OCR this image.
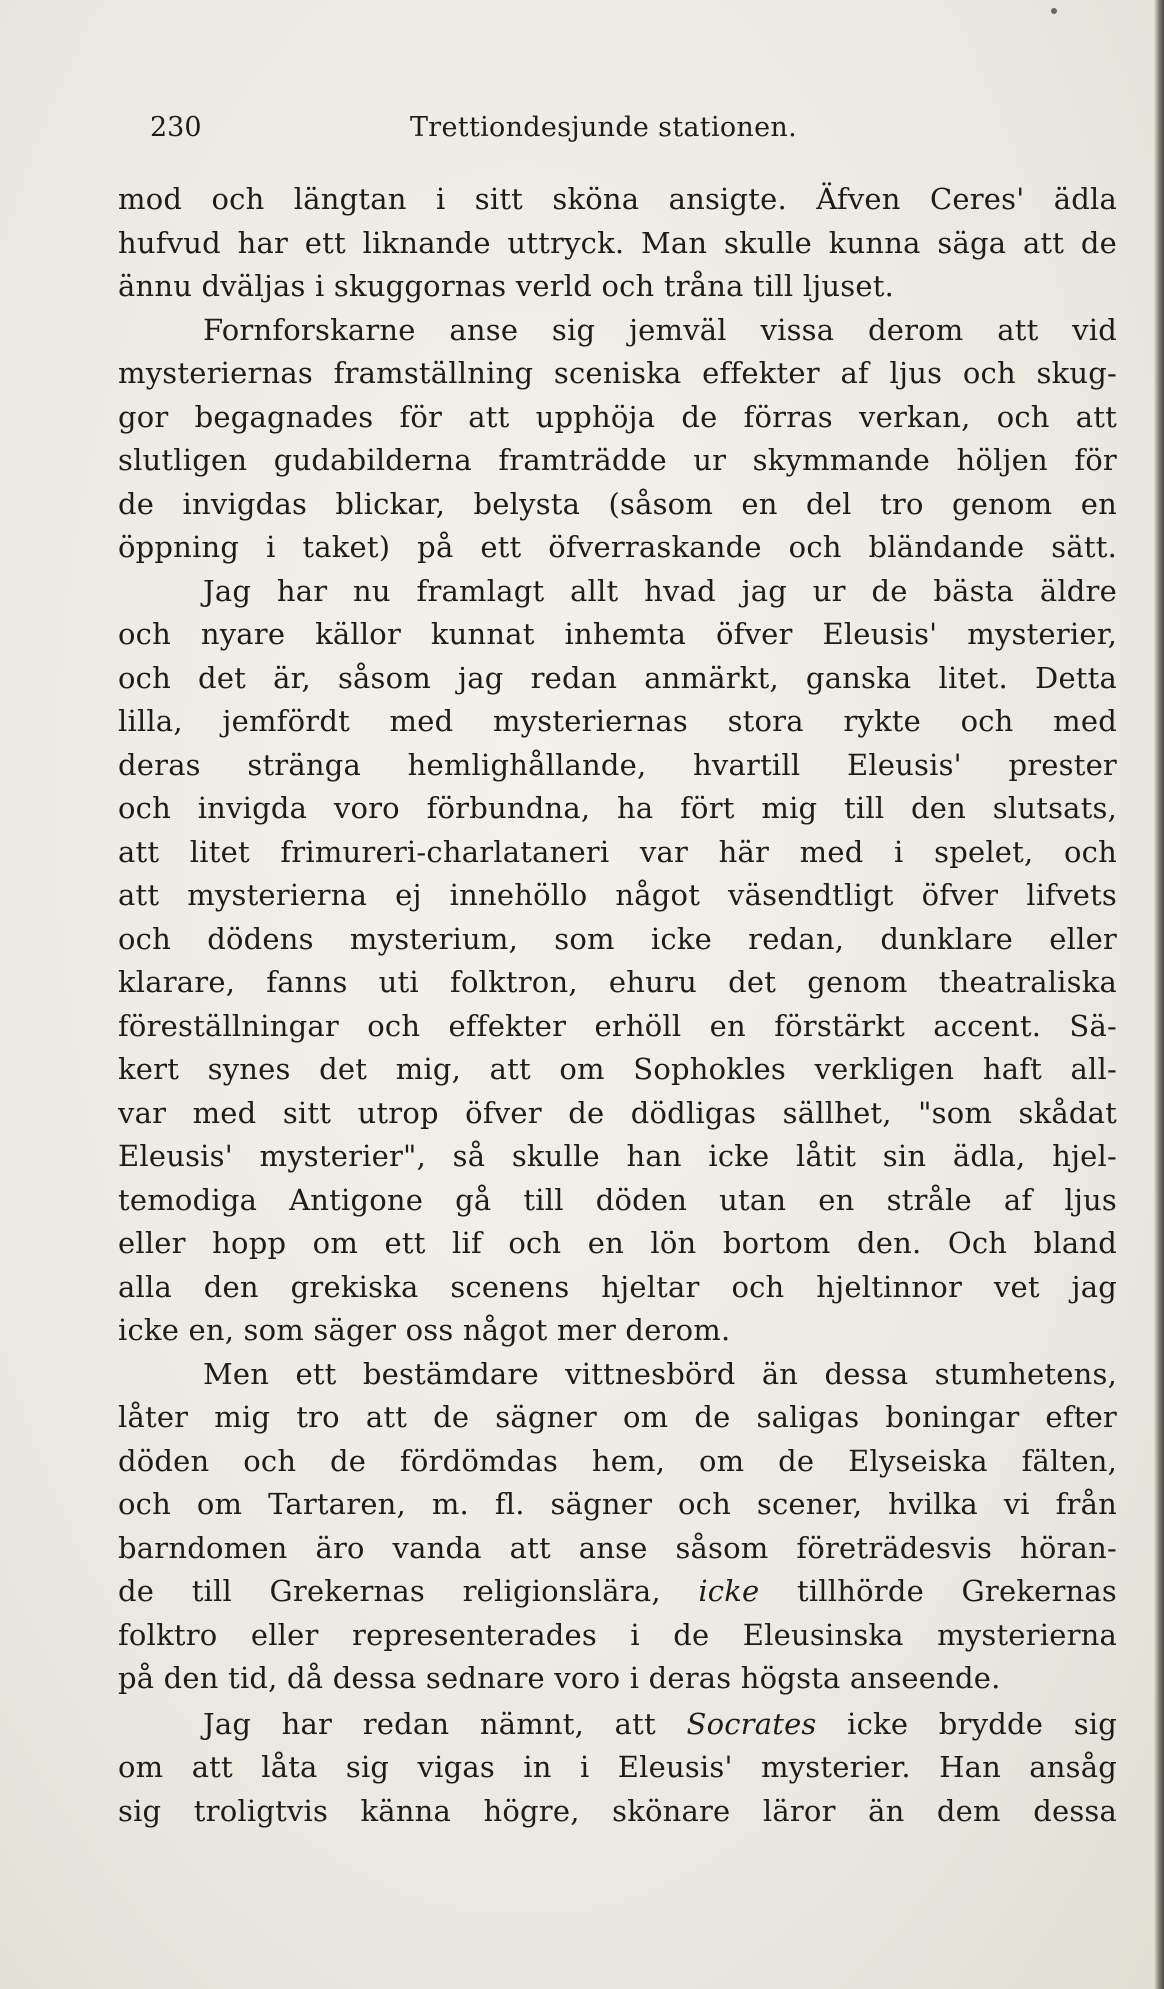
230	Trettiondesjunde stationen.
mod och längtan i sitt sköna ansigte. Äfven Ceres' ädla
hufvud har ett liknande uttryck. Man skulle kunna säga att de
ännu dväljas i skuggornas verld och tråna till ljuset.
Fornforskarne anse sig jemväl vissa derom att vid
mysteriernas framställning sceniska effekter af ljus och skug-
gor begagnades för att upphöja de förras verkan, och att
slutligen gudabilderna framträdde ur skymmande höljen för
de invigdas blickar, belysta (såsom en del tro genom en
öppning i taket) på ett öfverraskande och bländande sätt.
Jag har nu framlagt allt hvad jag ur de bästa äldre
och nyare källor kunnat inhemta öfver Eleusis' mysterier,
och det är, såsom jag redan anmärkt, ganska litet. Detta
lilla, jemfördt med mysteriernas stora rykte och med
deras stränga hemlighållande, hvartill Eleusis' prester
och invigda voro förbundna, ha fört mig till den slutsats,
att litet frimureri-charlataneri var här med i spelet, och
att mysterierna ej innehöllo något väsendtligt öfver lifvets
och dödens mysterium, som icke redan, dunklare eller
klarare, fanns uti folktron, ehuru det genom theatraliska
föreställningar och effekter erhöll en förstärkt accent. Sä-
kert synes det mig, att om Sophokles verkligen haft all-
var med sitt utrop öfver de dödligas sällhet, "som skådat
Eleusis' mysterier", så skulle han icke låtit sin ädla, hjel-
temodiga Antigone gå till döden utan en stråle af ljus
eller hopp om ett lif och en lön bortom den. Och bland
alla den grekiska scenens hjeltar och hjeltinnor vet jag
icke en, som säger oss något mer derom.
Men ett bestämdare vittnesbörd än dessa stumhetens,
låter mig tro att de sägner om de saligas boningar efter
döden och de fördömdas hem, om de Elyseiska fälten,
och om Tartaren, m. fl. sägner och scener, hvilka vi från
barndomen äro vanda att anse såsom företrädesvis höran-
de till Grekernas religionslära, icke tillhörde Grekernas
folktro eller representerades i de Eleusinska mysterierna
på den tid, då dessa sednare voro i deras högsta anseende.
Jag har redan nämnt, att Socrates icke brydde sig
om att låta sig vigas in i Eleusis' mysterier. Han ansåg
sig troligtvis känna högre, skönare läror än dem dessa
